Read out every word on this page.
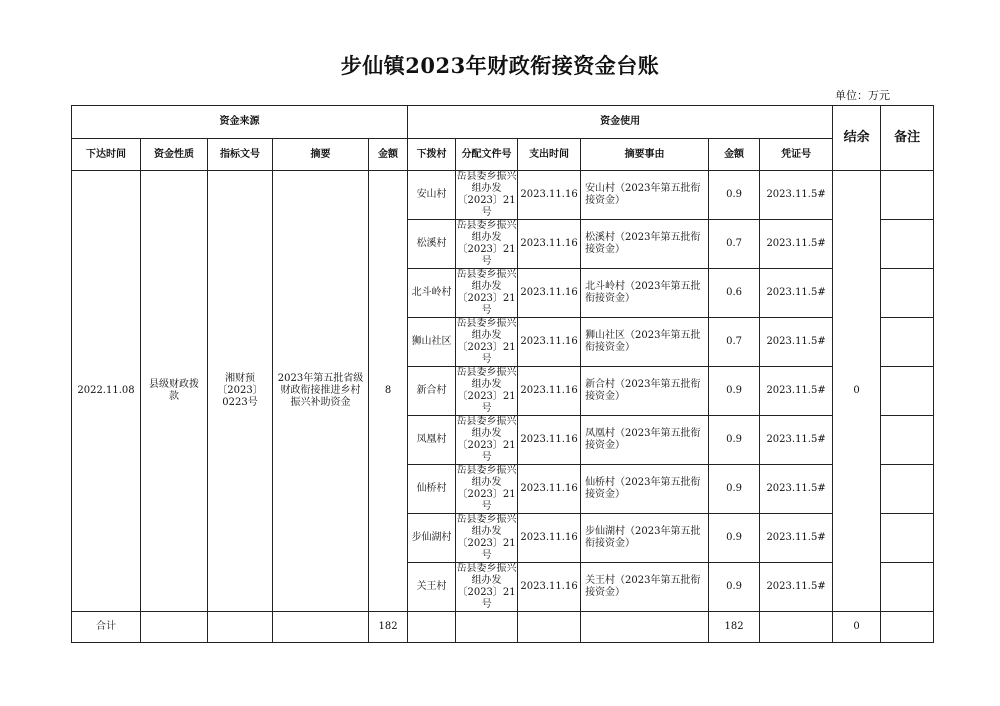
步仙镇2023年财政衔接资金台账
单位：万元
资金来源					资金使用						结余	备注
下达时间	资金性质	指标文号	摘要	金额	下拨村	分配文件号	支出时间	摘要事由	金额	凭证号		
2022.11.08	县级财政拨款	湘财预〔2023〕0223号	2023年第五批省级财政衔接推进乡村振兴补助资金	8	安山村	岳县委乡振兴组办发〔2023〕21号	2023.11.16	安山村（2023年第五批衔接资金）	0.9	2023.11.5#	0	
					松溪村	岳县委乡振兴组办发〔2023〕21号	2023.11.16	松溪村（2023年第五批衔接资金）	0.7	2023.11.5#		
					北斗岭村	岳县委乡振兴组办发〔2023〕21号	2023.11.16	北斗岭村（2023年第五批衔接资金）	0.6	2023.11.5#		
					狮山社区	岳县委乡振兴组办发〔2023〕21号	2023.11.16	狮山社区（2023年第五批衔接资金）	0.7	2023.11.5#		
					新合村	岳县委乡振兴组办发〔2023〕21号	2023.11.16	新合村（2023年第五批衔接资金）	0.9	2023.11.5#		
					凤凰村	岳县委乡振兴组办发〔2023〕21号	2023.11.16	凤凰村（2023年第五批衔接资金）	0.9	2023.11.5#		
					仙桥村	岳县委乡振兴组办发〔2023〕21号	2023.11.16	仙桥村（2023年第五批衔接资金）	0.9	2023.11.5#		
					步仙湖村	岳县委乡振兴组办发〔2023〕21号	2023.11.16	步仙湖村（2023年第五批衔接资金）	0.9	2023.11.5#		
					关王村	岳县委乡振兴组办发〔2023〕21号	2023.11.16	关王村（2023年第五批衔接资金）	0.9	2023.11.5#		
合计				182					182		0	
